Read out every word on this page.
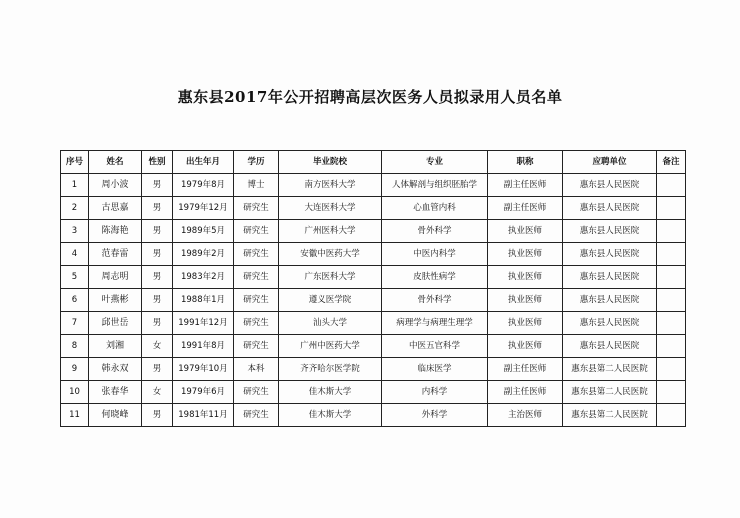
惠东县2017年公开招聘高层次医务人员拟录用人员名单
序号	姓名	性别	出生年月	学历	毕业院校	专业	职称	应聘单位	备注
1	周小波	男	1979年8月	博士	南方医科大学	人体解剖与组织胚胎学	副主任医师	惠东县人民医院	
2	古思嘉	男	1979年12月	研究生	大连医科大学	心血管内科	副主任医师	惠东县人民医院	
3	陈海艳	男	1989年5月	研究生	广州医科大学	骨外科学	执业医师	惠东县人民医院	
4	范春雷	男	1989年2月	研究生	安徽中医药大学	中医内科学	执业医师	惠东县人民医院	
5	周志明	男	1983年2月	研究生	广东医科大学	皮肤性病学	执业医师	惠东县人民医院	
6	叶燕彬	男	1988年1月	研究生	遵义医学院	骨外科学	执业医师	惠东县人民医院	
7	邱世岳	男	1991年12月	研究生	汕头大学	病理学与病理生理学	执业医师	惠东县人民医院	
8	刘湘	女	1991年8月	研究生	广州中医药大学	中医五官科学	执业医师	惠东县人民医院	
9	韩永双	男	1979年10月	本科	齐齐哈尔医学院	临床医学	副主任医师	惠东县第二人民医院	
10	张春华	女	1979年6月	研究生	佳木斯大学	内科学	副主任医师	惠东县第二人民医院	
11	何晓峰	男	1981年11月	研究生	佳木斯大学	外科学	主治医师	惠东县第二人民医院	
